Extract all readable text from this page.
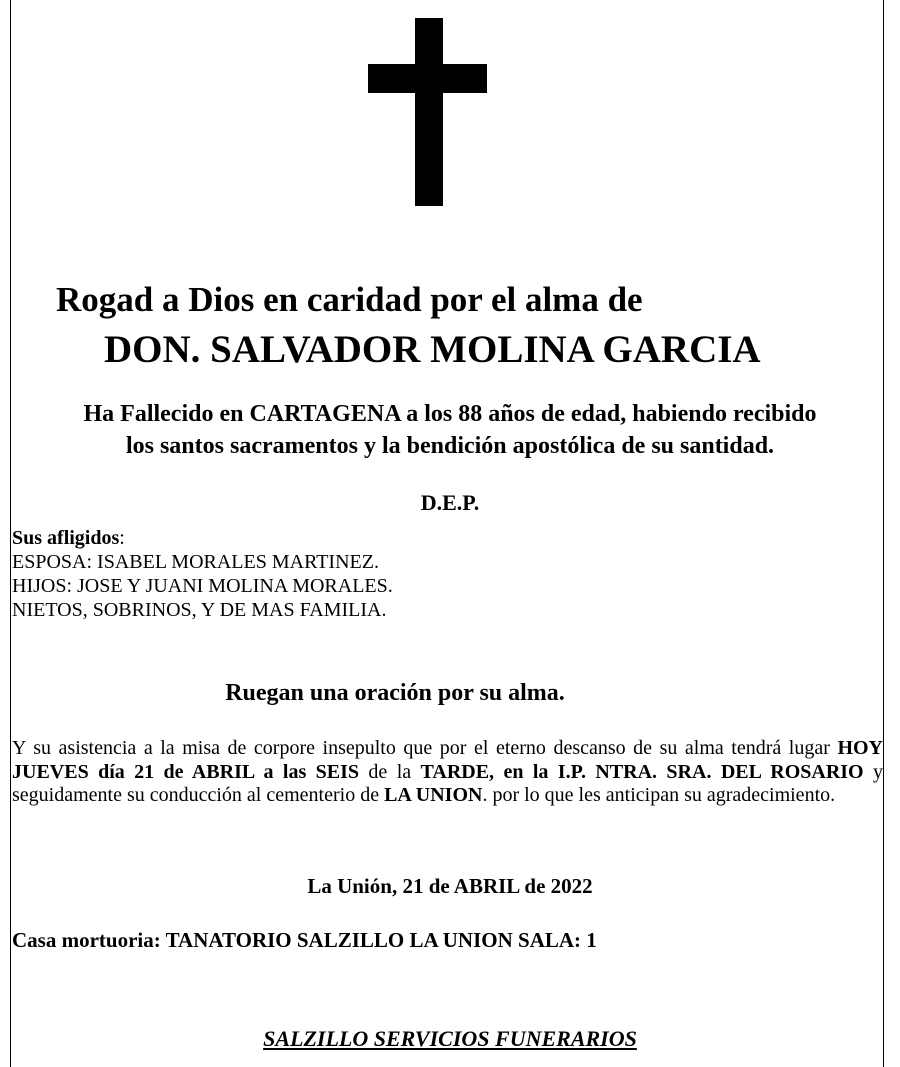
Rogad a Dios en caridad por el alma de
DON. SALVADOR MOLINA GARCIA
Ha Fallecido en CARTAGENA a los 88 años de edad, habiendo recibido
los santos sacramentos y la bendición apostólica de su santidad.
D.E.P.
Sus afligidos:
ESPOSA: ISABEL MORALES MARTINEZ.
HIJOS: JOSE Y JUANI MOLINA MORALES.
NIETOS, SOBRINOS, Y DE MAS FAMILIA.
Ruegan una oración por su alma.
Y su asistencia a la misa de corpore insepulto que por el eterno descanso de su alma tendrá lugar HOY JUEVES día 21 de ABRIL a las SEIS de la TARDE, en la I.P. NTRA. SRA. DEL ROSARIO y seguidamente su conducción al cementerio de LA UNION. por lo que les anticipan su agradecimiento.
La Unión, 21 de ABRIL de 2022
Casa mortuoria: TANATORIO SALZILLO LA UNION SALA: 1
SALZILLO SERVICIOS FUNERARIOS
